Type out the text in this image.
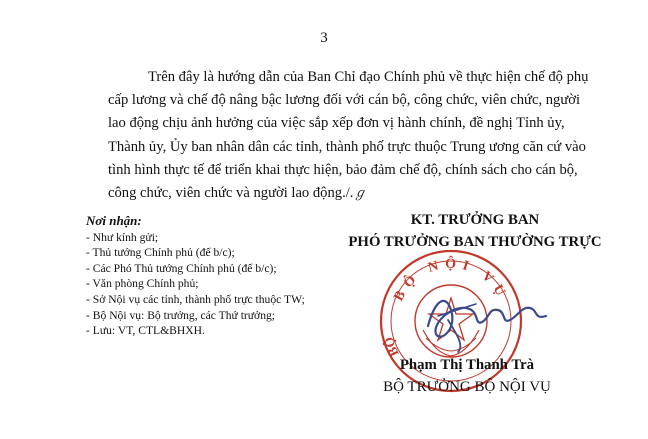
3
Trên đây là hướng dẫn của Ban Chỉ đạo Chính phủ về thực hiện chế độ phụ
cấp lương và chế độ nâng bậc lương đối với cán bộ, công chức, viên chức, người
lao động chịu ảnh hưởng của việc sắp xếp đơn vị hành chính, đề nghị Tỉnh ủy,
Thành ủy, Ủy ban nhân dân các tỉnh, thành phố trực thuộc Trung ương căn cứ vào
tình hình thực tế để triển khai thực hiện, bảo đảm chế độ, chính sách cho cán bộ,
công chức, viên chức và người lao động./.ℊ
Nơi nhận:
- Như kính gửi;
- Thủ tướng Chính phủ (để b/c);
- Các Phó Thủ tướng Chính phủ (để b/c);
- Văn phòng Chính phủ;
- Sở Nội vụ các tỉnh, thành phố trực thuộc TW;
- Bộ Nội vụ: Bộ trưởng, các Thứ trưởng;
- Lưu: VT, CTL&BHXH.
KT. TRƯỞNG BAN
PHÓ TRƯỞNG BAN THƯỜNG TRỰC
BỘ NỘI VỤ
BỘ
Phạm Thị Thanh Trà
BỘ TRƯỞNG BỘ NỘI VỤ
